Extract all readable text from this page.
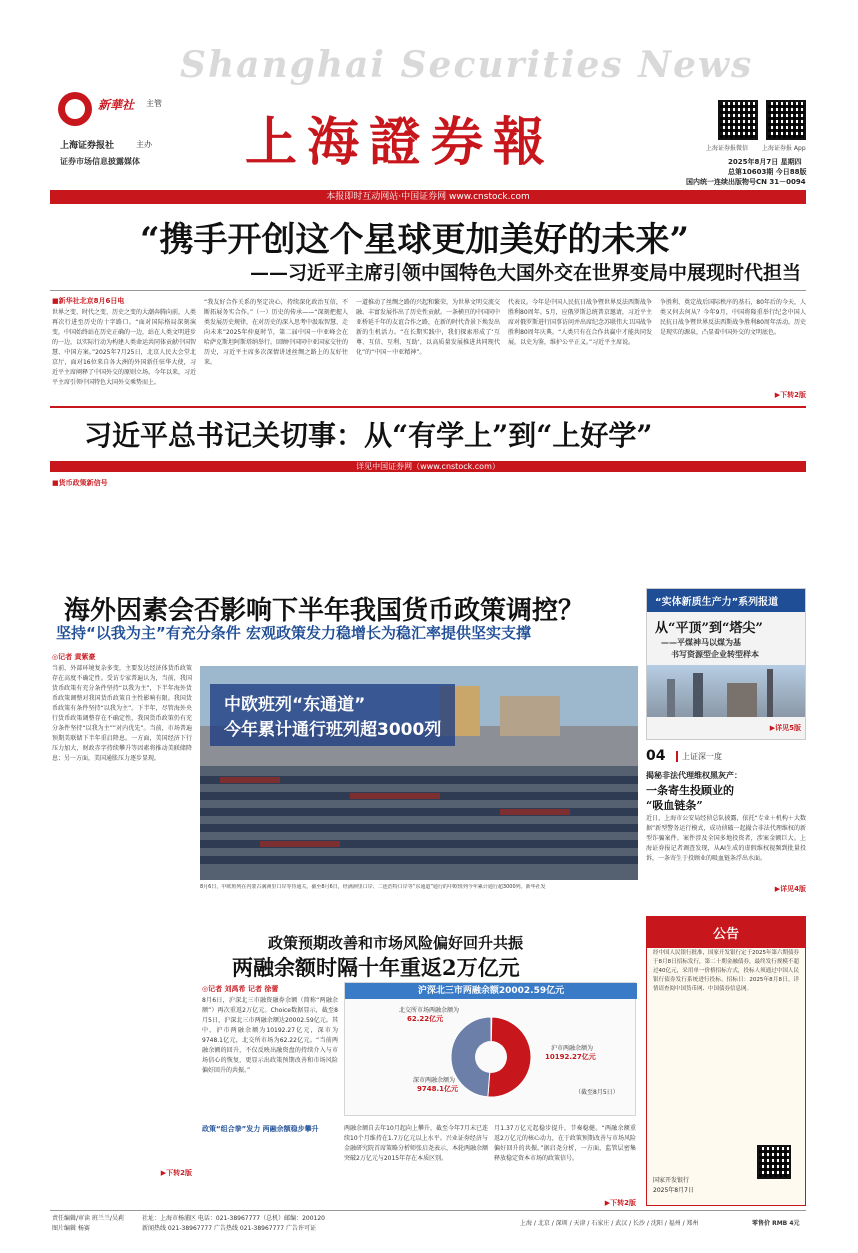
Shanghai Securities News
新華社 主管
上海证券报社	主办
证券市场信息披露媒体 上海證券報	上海证券报微信 上海证券报 App
2025年8月7日 星期四
总第10603期 今日88版
国内统一连续出版物号CN 31－0094
本报即时互动网站·中国证券网 www.cnstock.com
“携手开创这个星球更加美好的未来”
——习近平主席引领中国特色大国外交在世界变局中展现时代担当
■新华社北京8月6日电
世界之变、时代之变、历史之变的大潮奔腾向前，人类再次行进至历史的十字路口。“面对国际格局深刻演变，中国始终站在历史正确的一边，站在人类文明进步的一边，以实际行动为构建人类命运共同体贡献中国智慧、中国方案。”2025年7月25日，北京人民大会堂北京厅，面对16位来自各大洲的外国新任驻华大使，习近平主席阐释了中国外交的原则立场。今年以来，习近平主席引领中国特色大国外交乘势而上。
“我友好合作关系的坚定决心，持续深化政治互信，不断拓展务实合作。”（一）历史的传承——“深刻把握人类发展历史规律，在对历史的深入思考中汲取智慧、走向未来”2025年仲夏时节，第二届中国－中亚峰会在哈萨克斯坦阿斯塔纳举行。回顾中国同中亚国家交往的历史，习近平主席多次深情讲述丝绸之路上的友好往来。
一道推动了丝绸之路的兴起和繁荣，为世界文明交流交融、丰富发展作出了历史性贡献。一条横亘的中国同中亚桥延千年的友谊合作之路，在新的时代背景下焕发出新的生机活力。“在长期实践中，我们探索形成了‘互尊、互信、互利、互助’，以高质量发展推进共同现代化”的“中国－中亚精神”。
代表议。今年是中国人民抗日战争暨世界反法西斯战争胜利80周年。5月，应俄罗斯总统普京邀请，习近平主席对俄罗斯进行国事访问并出席纪念苏联伟大卫国战争胜利80周年庆典。“人类只有在合作共赢中才能共同发展，以史为鉴，维护公平正义。”习近平主席说。
争胜利、奠定战后国际秩序的基石，80年后的今天，人类又何去何从？今年9月，中国将隆重举行纪念中国人民抗日战争暨世界反法西斯战争胜利80周年活动。历史是现实的源泉，凸显着中国外交的文明底色。
▶下转2版
习近平总书记关切事：从“有学上”到“上好学”
详见中国证券网（www.cnstock.com）
■货币政策新信号
海外因素会否影响下半年我国货币政策调控？
坚持“以我为主”有充分条件 宏观政策发力稳增长为稳汇率提供坚实支撑
◎记者 黄紫豪
当前，外部环境复杂多变，主要发达经济体货币政策存在高度不确定性。受访专家普遍认为，当前，我国货币政策有充分条件坚持“以我为主”，下半年海外货币政策调整对我国货币政策自主性影响有限。我国货币政策有条件坚持“以我为主”。下半年，尽管海外央行货币政策调整存在不确定性，我国货币政策仍有充分条件坚持“以我为主”“对内优先”。当前，市场普遍预期美联储下半年重启降息。一方面，美国经济下行压力加大，财政赤字持续攀升等因素将推动美联储降息；另一方面，美国通胀压力逐步显现。
▶下转2版
中欧班列“东通道”
今年累计通行班列超3000列
8月6日，中欧班列在内蒙古满洲里口岸等待通关。截至8月6日，经满洲里口岸、二连浩特口岸等“东通道”通行的中欧班列今年累计通行超3000列。新华社发
政策预期改善和市场风险偏好回升共振
两融余额时隔十年重返2万亿元
◎记者 刘禹希 记者 徐蕾
8月6日，沪深北三市融资融券余额（简称“两融余额”）再次重返2万亿元。Choice数据显示，截至8月5日，沪深北三市两融余额达20002.59亿元。其中，沪市两融余额为10192.27亿元，深市为9748.1亿元，北交所市场为62.22亿元。“当前两融余额的回升，不仅反映出融资盘的持续介入与市场信心的恢复，更显示出政策预期改善和市场风险偏好回升的共振。”
政策“组合拳”发力 两融余额稳步攀升
沪深北三市两融余额20002.59亿元
北交所市场两融余额为
62.22亿元
沪市两融余额为
10192.27亿元
深市两融余额为
9748.1亿元	（截至8月5日）
两融余额自去年10月起向上攀升，截至今年7月末已连续10个月维持在1.7万亿元以上水平。兴业证券经济与金融研究院首席策略分析师张启尧表示，本轮两融余额突破2万亿元与2015年存在本质区别。
月1.37万亿元起稳步提升，节奏稳健。“两融余额重返2万亿元的核心动力，在于政策预期改善与市场风险偏好回升的共振。”据启尧分析，一方面，监管层密集释放稳定资本市场的政策信号。
▶下转2版
“实体新质生产力”系列报道
从“平顶”到“塔尖”
——平煤神马以煤为基
书写资源型企业转型样本
▶详见5版
04	上证深一度
揭秘非法代理维权黑灰产：
一条寄生投顾业的
“吸血链条”
近日，上海市公安局经侦总队披露，依托“专业＋机构＋大数据”新型警务运行模式，成功侦破一起撮合非法代理维权的新型诈骗案件。案件涉及全国多地投资者，涉案金额巨大。上海证券报记者调查发现，从AI生成的虚假维权视频到批量投诉，一条寄生于投顾业的吸血链条浮出水面。
▶详见4版
公告
经中国人民银行批准，国家开发银行定于2025年第六期债券于8月8日招标发行，第二十期金融债券，最终发行规模不超过40亿元，采用单一价格招标方式，投标人须通过中国人民银行债券发行系统进行投标。招标日：2025年8月8日。详情请查阅中国货币网、中国债券信息网。
国家开发银行
2025年8月7日
责任编辑/审读 班兰兰/吴莉
图片编辑 杨赛
社址：上海市杨浦区 电话：021-38967777（总机）邮编：200120
新闻热线 021-38967777 广告热线 021-38967777 广告许可证
上海 / 北京 / 深圳 / 天津 / 石家庄 / 武汉 / 长沙 / 沈阳 / 福州 / 郑州	零售价 RMB 4元
